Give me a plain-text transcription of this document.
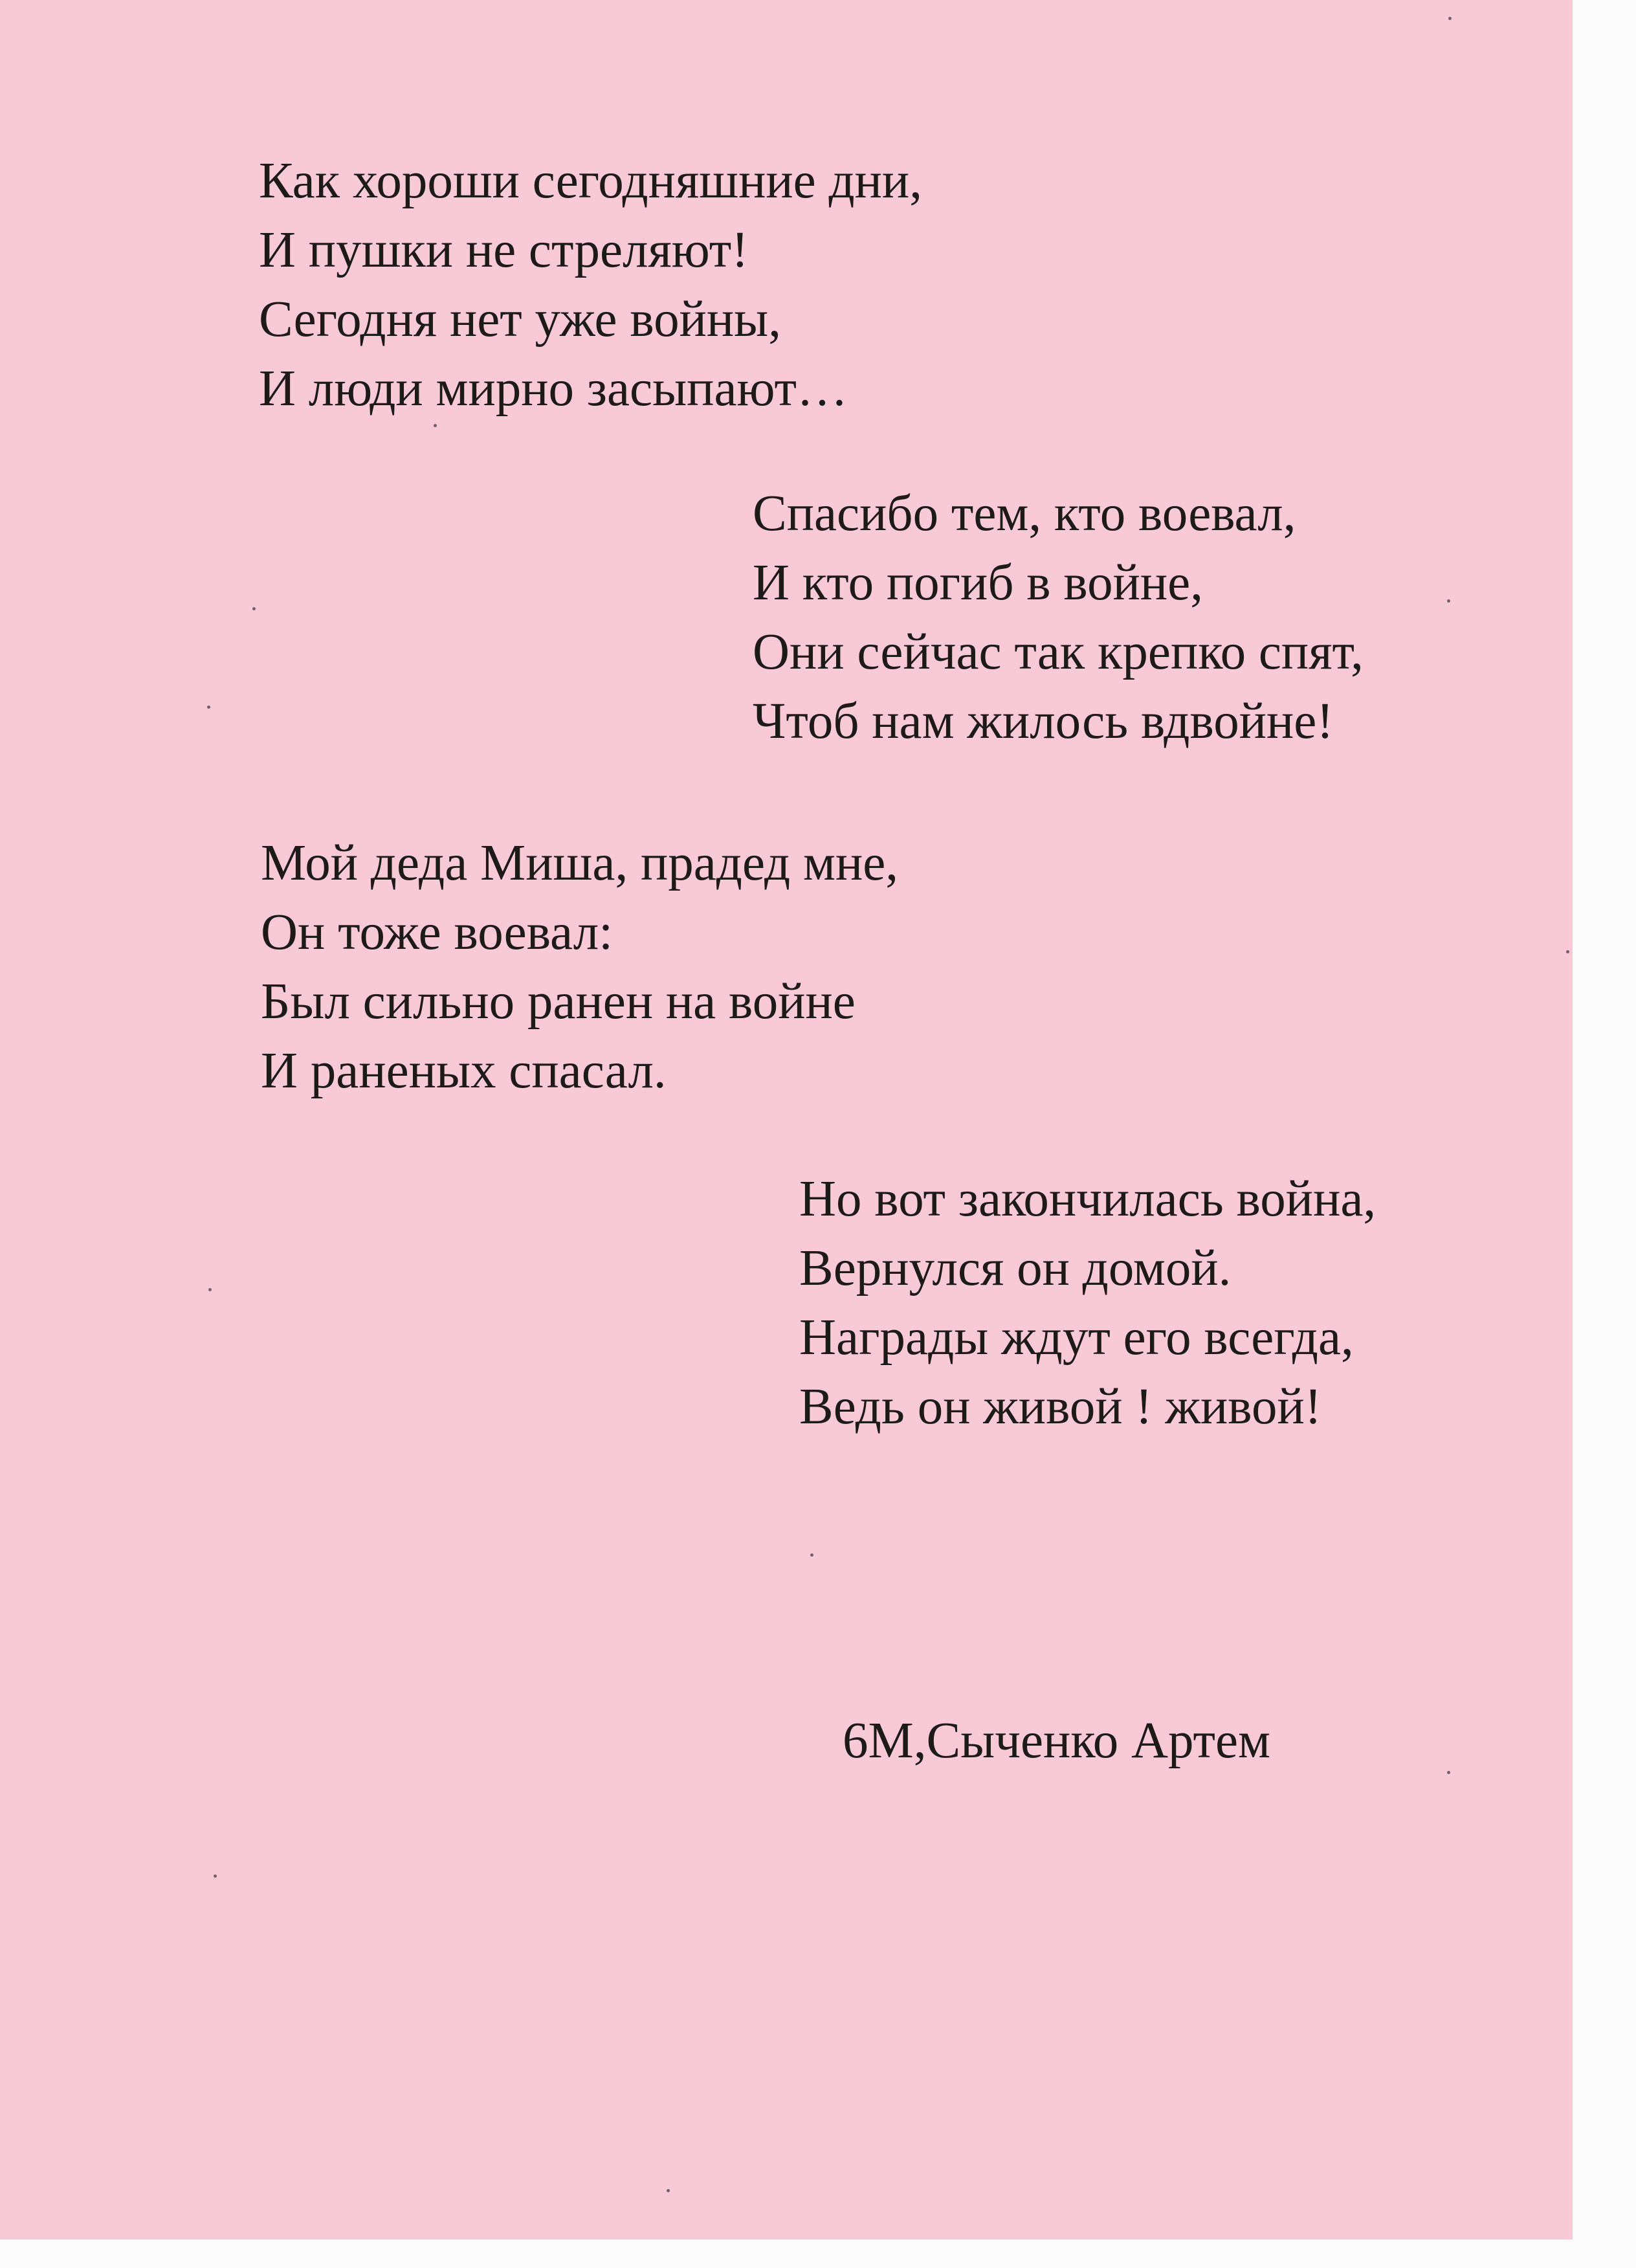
Как хороши сегодняшние дни,
И пушки не стреляют!
Сегодня нет уже войны,
И люди мирно засыпают…
Спасибо тем, кто воевал,
И кто погиб в войне,
Они сейчас так крепко спят,
Чтоб нам жилось вдвойне!
Мой деда Миша, прадед мне,
Он тоже воевал:
Был сильно ранен на войне
И раненых спасал.
Но вот закончилась война,
Вернулся он домой.
Награды ждут его всегда,
Ведь он живой ! живой!
6М,Сыченко Артем
